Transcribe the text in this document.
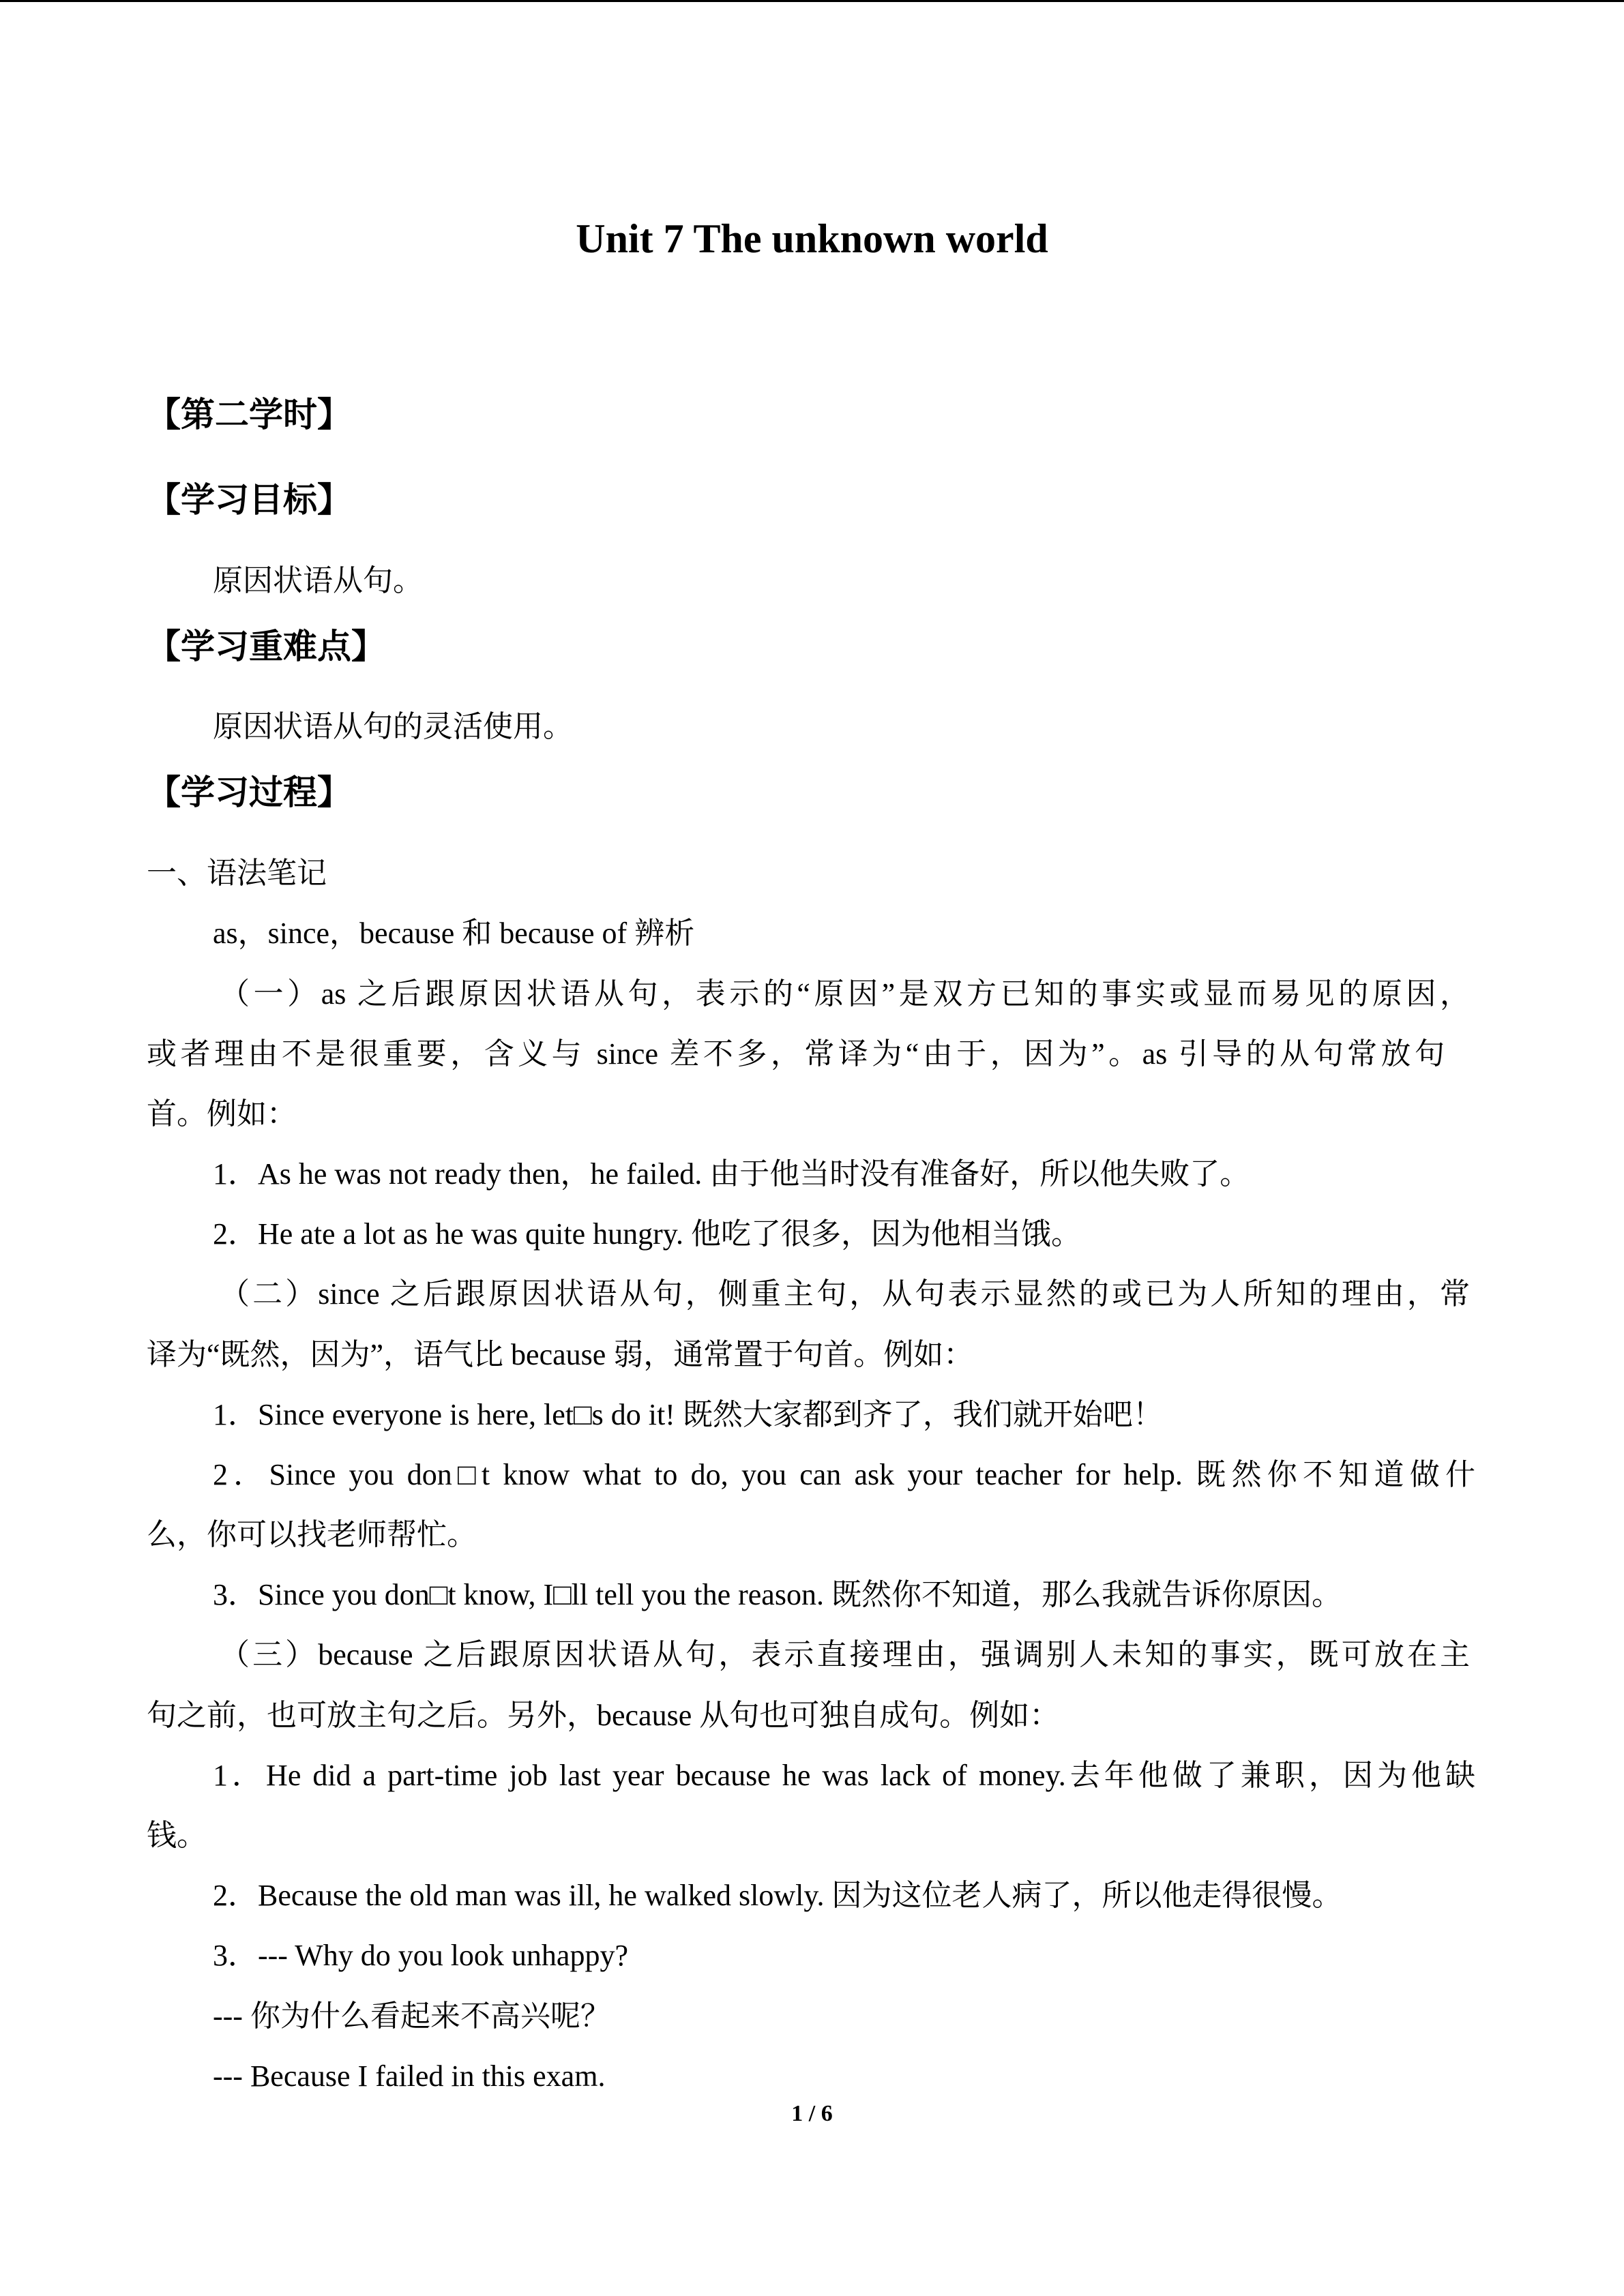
Unit 7 The unknown world
【第二学时】
【学习目标】
原因状语从句。
【学习重难点】
原因状语从句的灵活使用。
【学习过程】
一、语法笔记
as，since，because 和 because of 辨析
（一）as 之后跟原因状语从句，表示的“原因”是双方已知的事实或显而易见的原因，
或者理由不是很重要，含义与 since 差不多，常译为“由于，因为”。as 引导的从句常放句
首。例如：
1．As he was not ready then，he failed. 由于他当时没有准备好，所以他失败了。
2．He ate a lot as he was quite hungry. 他吃了很多，因为他相当饿。
（二）since 之后跟原因状语从句，侧重主句，从句表示显然的或已为人所知的理由，常
译为“既然，因为”，语气比 because 弱，通常置于句首。例如：
1．Since everyone is here, let□s do it! 既然大家都到齐了，我们就开始吧！
2．Since you don□t know what to do, you can ask your teacher for help. 既然你不知道做什
么，你可以找老师帮忙。
3．Since you don□t know, I□ll tell you the reason. 既然你不知道，那么我就告诉你原因。
（三）because 之后跟原因状语从句，表示直接理由，强调别人未知的事实，既可放在主
句之前，也可放主句之后。另外，because 从句也可独自成句。例如：
1．He did a part-time job last year because he was lack of money.去年他做了兼职，因为他缺
钱。
2．Because the old man was ill, he walked slowly. 因为这位老人病了，所以他走得很慢。
3．--- Why do you look unhappy?
--- 你为什么看起来不高兴呢？
--- Because I failed in this exam.
1 / 6
